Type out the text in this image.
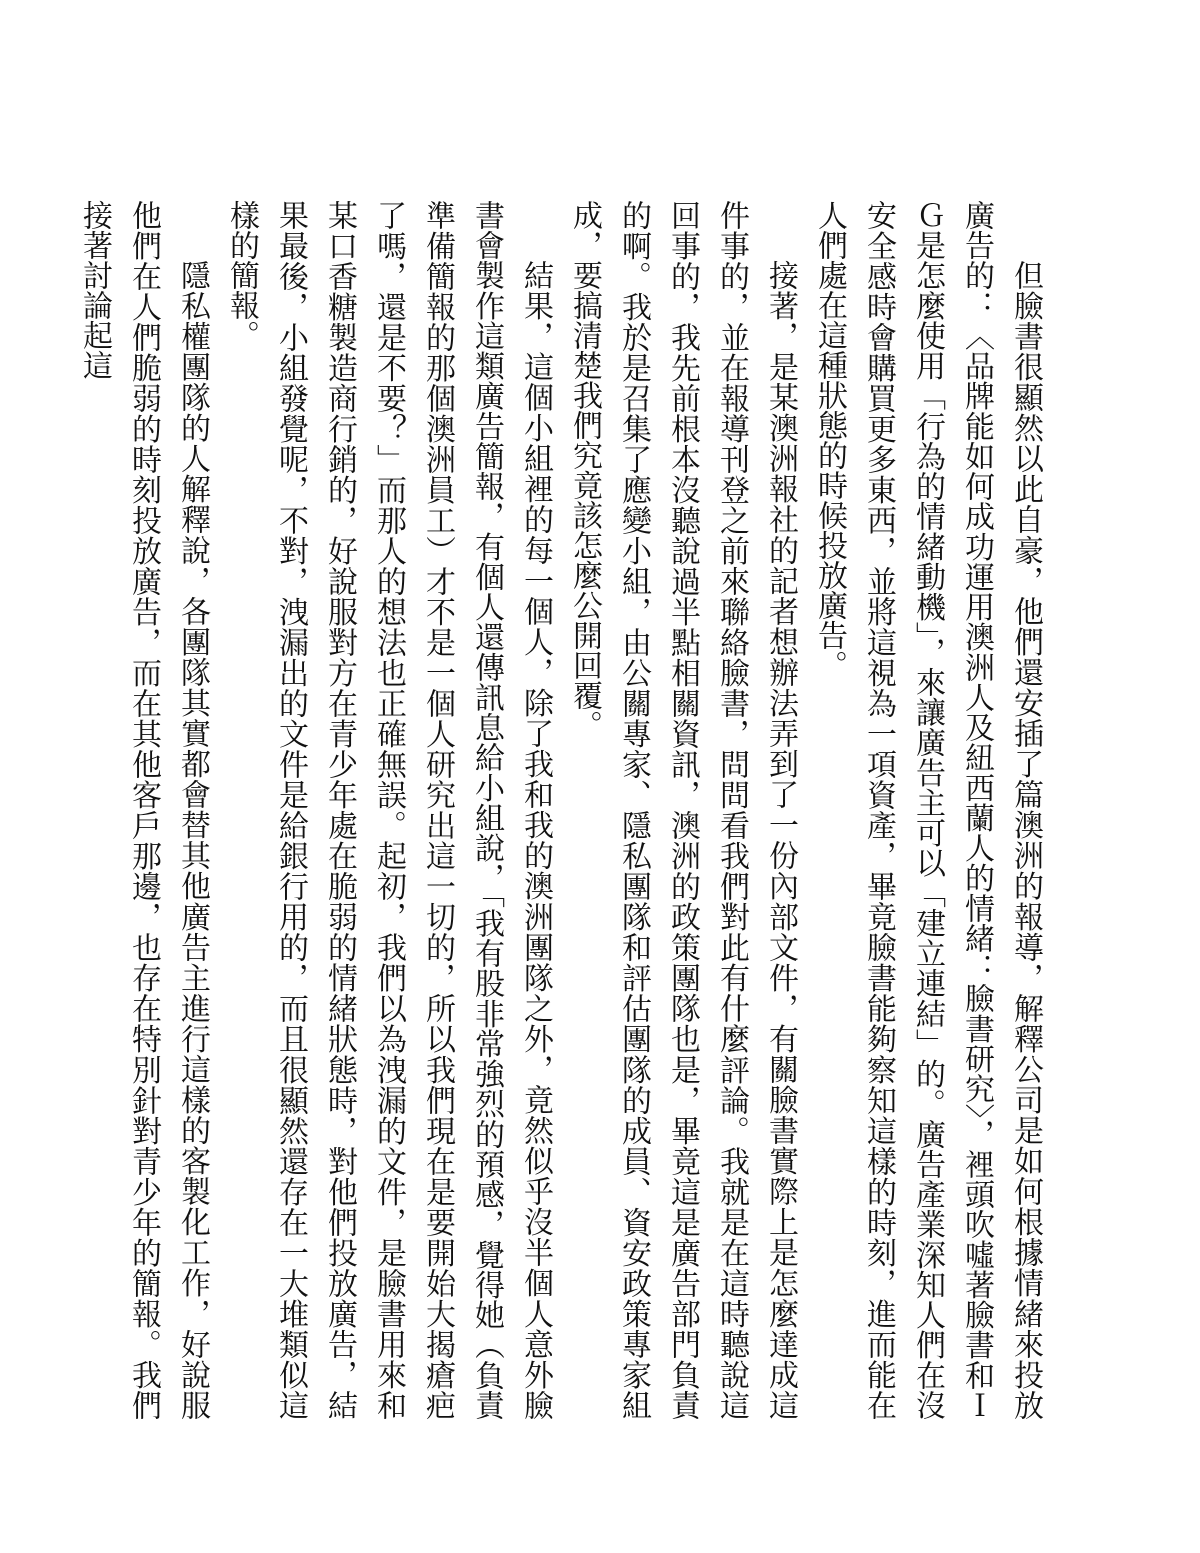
但臉書很顯然以此自豪，他們還安插了篇澳洲的報導，解釋公司是如何根據情緒來投放廣告的：〈品牌能如何成功運用澳洲人及紐西蘭人的情緒：臉書研究〉，裡頭吹噓著臉書和ＩＧ是怎麼使用「行為的情緒動機」，來讓廣告主可以「建立連結」的。廣告產業深知人們在沒安全感時會購買更多東西，並將這視為一項資產，畢竟臉書能夠察知這樣的時刻，進而能在人們處在這種狀態的時候投放廣告。

接著，是某澳洲報社的記者想辦法弄到了一份內部文件，有關臉書實際上是怎麼達成這件事的，並在報導刊登之前來聯絡臉書，問問看我們對此有什麼評論。我就是在這時聽說這回事的，我先前根本沒聽說過半點相關資訊，澳洲的政策團隊也是，畢竟這是廣告部門負責的啊。我於是召集了應變小組，由公關專家、隱私團隊和評估團隊的成員、資安政策專家組成，要搞清楚我們究竟該怎麼公開回覆。

結果，這個小組裡的每一個人，除了我和我的澳洲團隊之外，竟然似乎沒半個人意外臉書會製作這類廣告簡報，有個人還傳訊息給小組說，「我有股非常強烈的預感，覺得她（負責準備簡報的那個澳洲員工）才不是一個人研究出這一切的，所以我們現在是要開始大揭瘡疤了嗎，還是不要？」而那人的想法也正確無誤。起初，我們以為洩漏的文件，是臉書用來和某口香糖製造商行銷的，好說服對方在青少年處在脆弱的情緒狀態時，對他們投放廣告，結果最後，小組發覺呢，不對，洩漏出的文件是給銀行用的，而且很顯然還存在一大堆類似這樣的簡報。

隱私權團隊的人解釋說，各團隊其實都會替其他廣告主進行這樣的客製化工作，好說服他們在人們脆弱的時刻投放廣告，而在其他客戶那邊，也存在特別針對青少年的簡報。我們接著討論起這
